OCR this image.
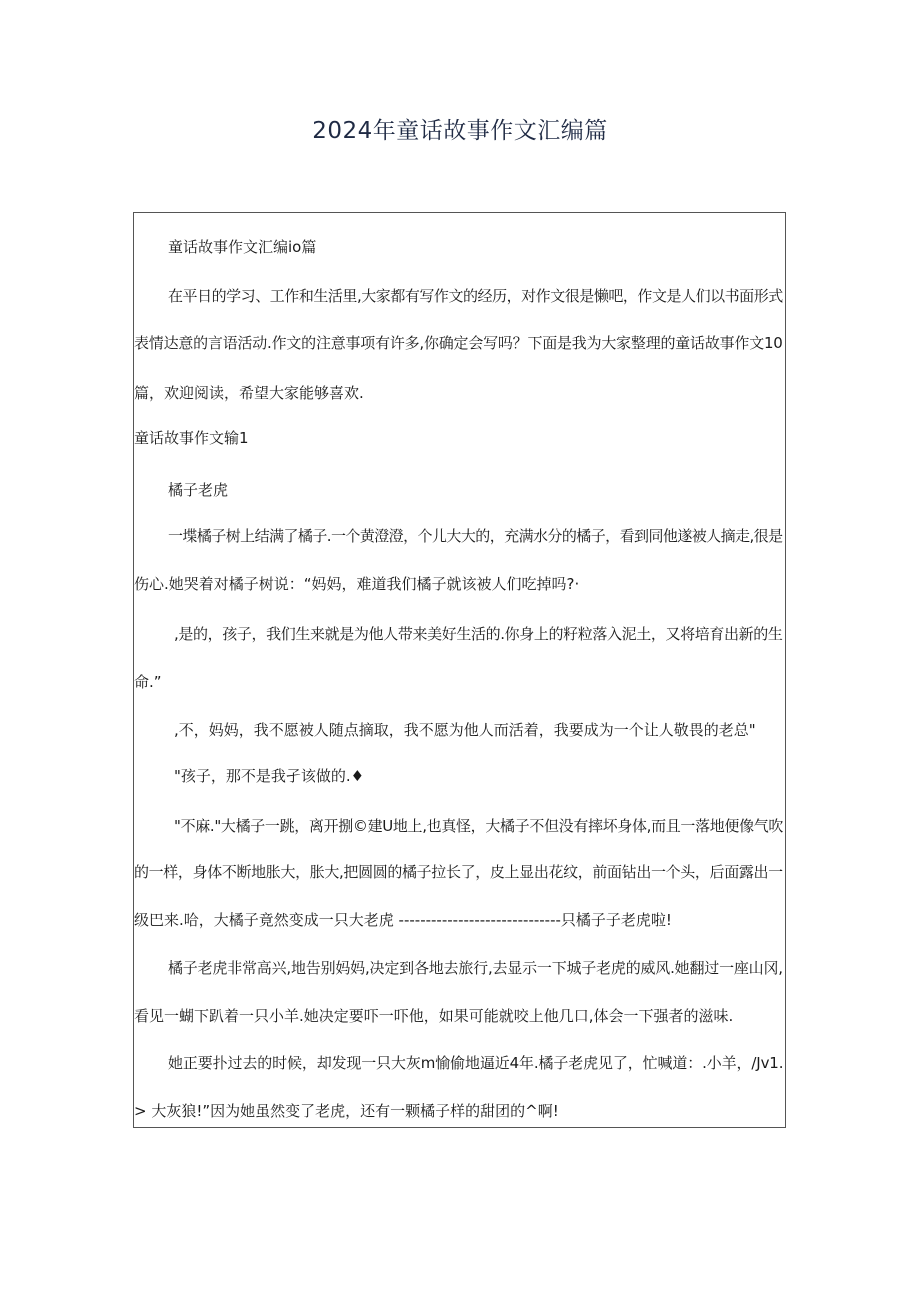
2024年童话故事作文汇编篇
童话故事作文汇编io篇
在平日的学习、工作和生活里,大家都有写作文的经历，对作文很是懒吧，作文是人们以书面形式
表情达意的言语活动.作文的注意事项有许多,你确定会写吗？下面是我为大家整理的童话故事作文10
篇，欢迎阅读，希望大家能够喜欢.
童话故事作文输1
橘子老虎
一堞橘子树上结满了橘子.一个黄澄澄，个儿大大的，充满水分的橘子，看到同他遂被人摘走,很是
伤心.她哭着对橘子树说：“妈妈，难道我们橘子就该被人们吃掉吗?·
,是的，孩子，我们生来就是为他人带来美好生活的.你身上的籽粒落入泥土，又将培育出新的生
命.”
,不，妈妈，我不愿被人随点摘取，我不愿为他人而活着，我要成为一个让人敬畏的老总"
"孩子，那不是我孑该做的.♦
"不麻."大橘子一跳，离开捌©建U地上,也真怪，大橘子不但没有摔坏身体,而且一落地便像气吹
的一样，身体不断地胀大，胀大,把圆圆的橘子拉长了，皮上显出花纹，前面钻出一个头，后面露出一
级巴来.哈，大橘子竟然变成一只大老虎 ------------------------------只橘子子老虎啦!
橘子老虎非常高兴,地告别妈妈,决定到各地去旅行,去显示一下城子老虎的威风.她翻过一座山冈,
看见一蝴下趴着一只小羊.她决定要吓一吓他，如果可能就咬上他几口,体会一下强者的滋味.
她正要扑过去的时候，却发现一只大灰m愉偷地逼近4年.橘子老虎见了，忙喊道：.小羊，/Jv1.
> 大灰狼!”因为她虽然变了老虎，还有一颗橘子样的甜团的^啊!
